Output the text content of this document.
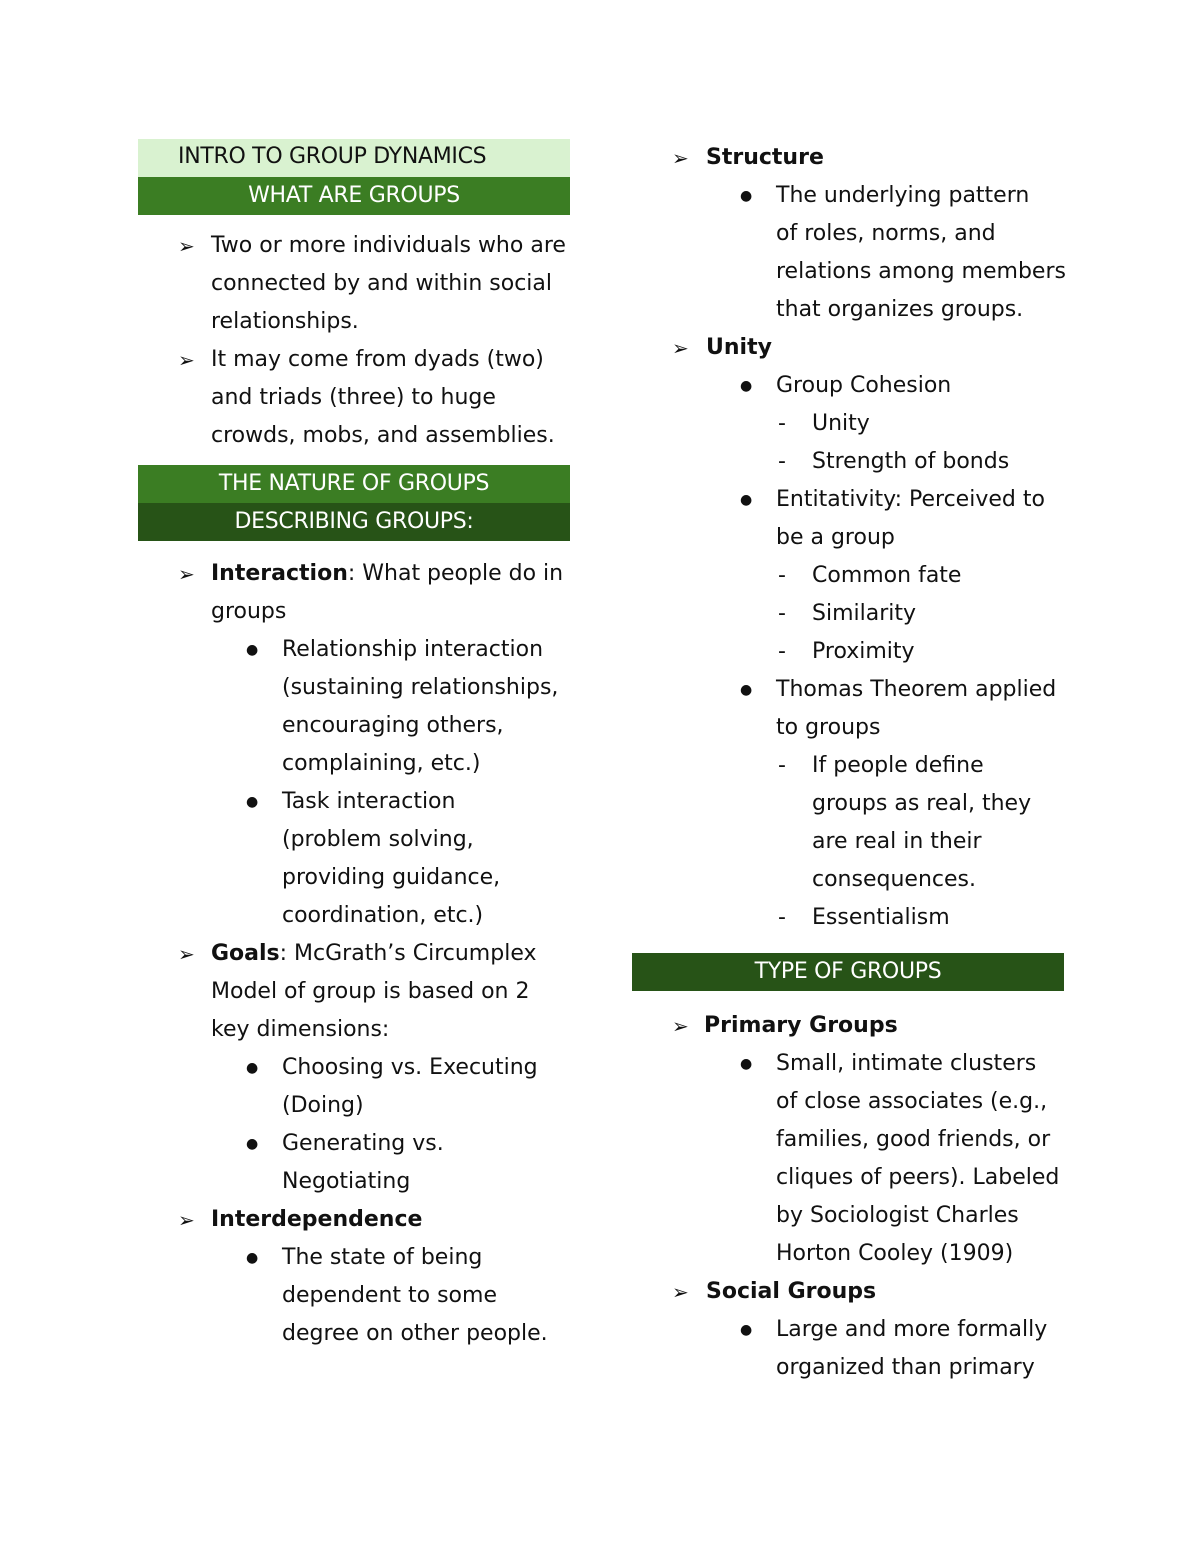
INTRO TO GROUP DYNAMICS
WHAT ARE GROUPS
➢ Two or more individuals who are
connected by and within social
relationships.
➢ It may come from dyads (two)
and triads (three) to huge
crowds, mobs, and assemblies.
THE NATURE OF GROUPS
DESCRIBING GROUPS:
➢ Interaction: What people do in
groups
● Relationship interaction
(sustaining relationships,
encouraging others,
complaining, etc.)
● Task interaction
(problem solving,
providing guidance,
coordination, etc.)
➢ Goals: McGrath’s Circumplex
Model of group is based on 2
key dimensions:
● Choosing vs. Executing
(Doing)
● Generating vs.
Negotiating
➢ Interdependence
● The state of being
dependent to some
degree on other people.
➢ Structure
● The underlying pattern
of roles, norms, and
relations among members
that organizes groups.
➢ Unity
● Group Cohesion
- Unity
- Strength of bonds
● Entitativity: Perceived to
be a group
- Common fate
- Similarity
- Proximity
● Thomas Theorem applied
to groups
- If people define
groups as real, they
are real in their
consequences.
- Essentialism
TYPE OF GROUPS
➢ Primary Groups
● Small, intimate clusters
of close associates (e.g.,
families, good friends, or
cliques of peers). Labeled
by Sociologist Charles
Horton Cooley (1909)
➢ Social Groups
● Large and more formally
organized than primary
